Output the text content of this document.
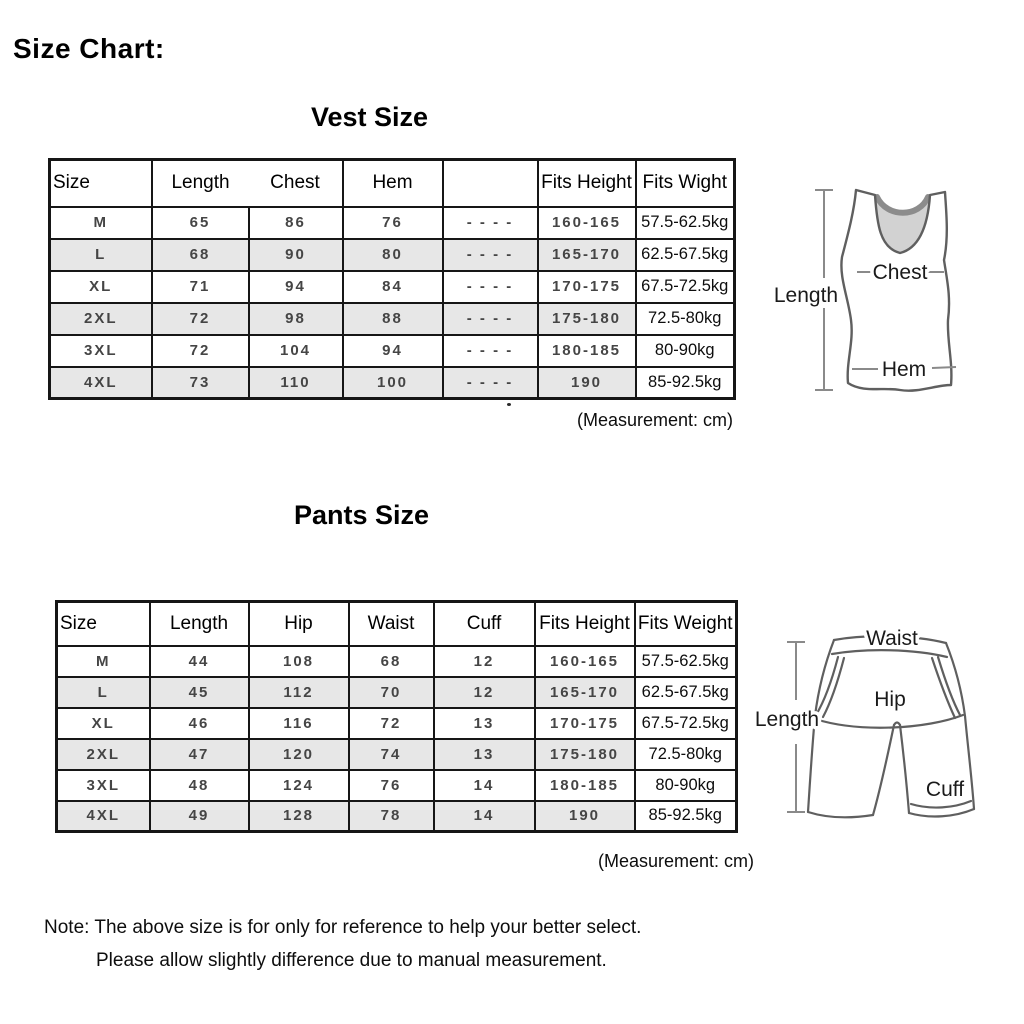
Size Chart:
Vest Size
Size	Length	Chest	Hem		Fits Height	Fits Wight
M	65	86	76	- - - -	160-165	57.5-62.5kg
L	68	90	80	- - - -	165-170	62.5-67.5kg
XL	71	94	84	- - - -	170-175	67.5-72.5kg
2XL	72	98	88	- - - -	175-180	72.5-80kg
3XL	72	104	94	- - - -	180-185	80-90kg
4XL	73	110	100	- - - -	190	85-92.5kg
Length
Chest
Hem
(Measurement: cm)
Pants Size
Size	Length	Hip	Waist	Cuff	Fits Height	Fits Weight
M	44	108	68	12	160-165	57.5-62.5kg
L	45	112	70	12	165-170	62.5-67.5kg
XL	46	116	72	13	170-175	67.5-72.5kg
2XL	47	120	74	13	175-180	72.5-80kg
3XL	48	124	76	14	180-185	80-90kg
4XL	49	128	78	14	190	85-92.5kg
Length
Waist
Hip
Cuff
(Measurement: cm)
Note: The above size is for only for reference to help your better select.
Please allow slightly difference due to manual measurement.
